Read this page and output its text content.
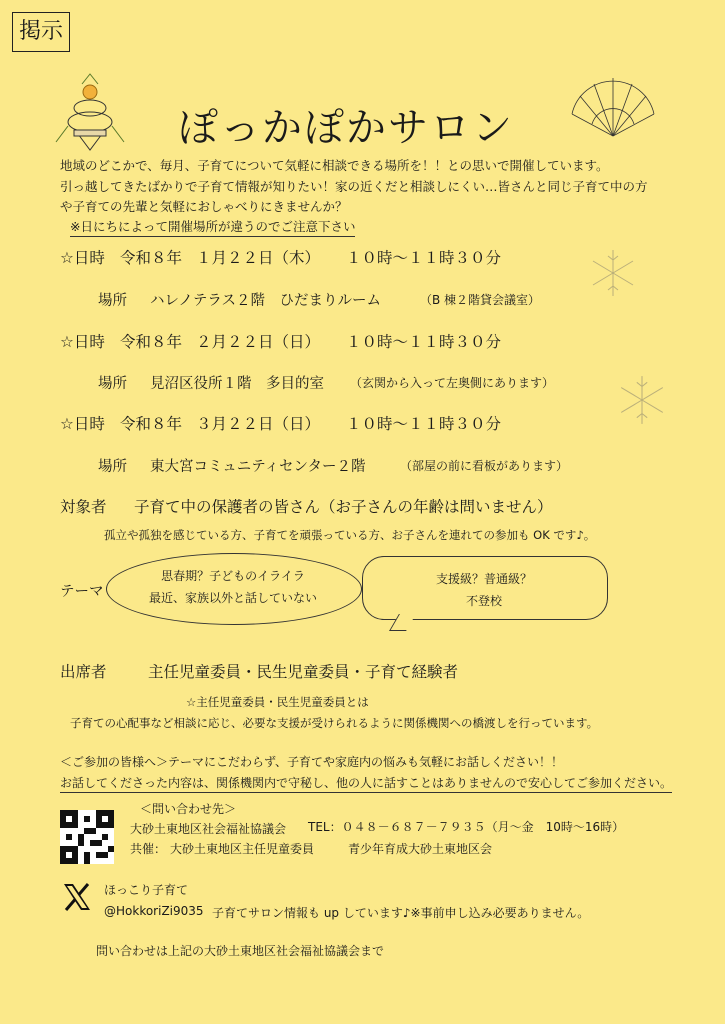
掲示
ぽっかぽかサロン
地域のどこかで、毎月、子育てについて気軽に相談できる場所を！！との思いで開催しています。
引っ越してきたばかりで子育て情報が知りたい！家の近くだと相談しにくい…皆さんと同じ子育て中の方
や子育ての先輩と気軽におしゃべりにきませんか？
※日にちによって開催場所が違うのでご注意下さい
☆日時 令和８年 １月２２日（木） １０時～１１時３０分
場所 ハレノテラス２階　ひだまりルーム	（B 棟２階貸会議室）
☆日時 令和８年 ２月２２日（日） １０時～１１時３０分
場所 見沼区役所１階　多目的室 （玄関から入って左奥側にあります）
☆日時 令和８年 ３月２２日（日） １０時～１１時３０分
場所 東大宮コミュニティセンター２階	（部屋の前に看板があります）
対象者 子育て中の保護者の皆さん（お子さんの年齢は問いません）
孤立や孤独を感じている方、子育てを頑張っている方、お子さんを連れての参加も OK です♪。
テーマ
思春期？子どものイライラ
最近、家族以外と話していない
支援級？普通級？
不登校
出席者	主任児童委員・民生児童委員・子育て経験者
☆主任児童委員・民生児童委員とは
子育ての心配事など相談に応じ、必要な支援が受けられるように関係機関への橋渡しを行っています。
＜ご参加の皆様へ＞テーマにこだわらず、子育てや家庭内の悩みも気軽にお話しください！！
お話してくださった内容は、関係機関内で守秘し、他の人に話すことはありませんので安心してご参加ください。
＜問い合わせ先＞
大砂土東地区社会福祉協議会 TEL：０４８－６８７－７９３５（月～金　10時～16時）
共催： 大砂土東地区主任児童委員	青少年育成大砂土東地区会
ほっこり子育て
@HokkoriZi9035 子育てサロン情報も up しています♪※事前申し込み必要ありません。
問い合わせは上記の大砂土東地区社会福祉協議会まで
